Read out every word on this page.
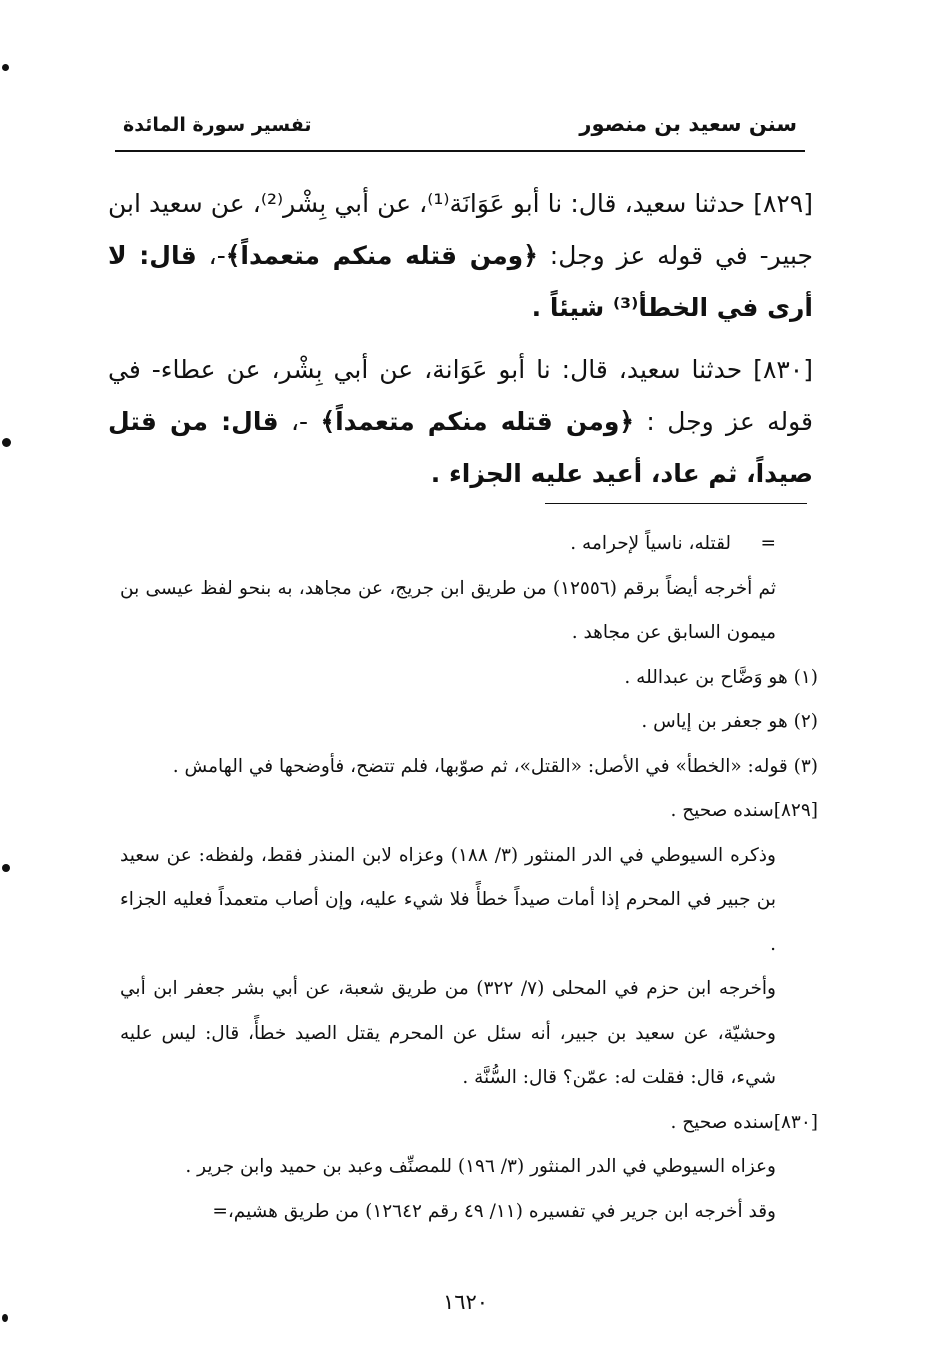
سنن سعيد بن منصور
تفسير سورة المائدة
[٨٢٩] حدثنا سعيد، قال: نا أبو عَوَانَة⁽¹⁾، عن أبي بِشْر⁽²⁾، عن سعيد ابن جبير- في قوله عز وجل: ﴿ومن قتله منكم متعمداً﴾-، قال: لا أرى في الخطأ⁽³⁾ شيئاً .
[٨٣٠] حدثنا سعيد، قال: نا أبو عَوَانة، عن أبي بِشْر، عن عطاء- في قوله عز وجل : ﴿ومن قتله منكم متعمداً﴾ -، قال: من قتل صيداً، ثم عاد، أعيد عليه الجزاء .

=     لقتله، ناسياً لإحرامه .

ثم أخرجه أيضاً برقم (١٢٥٥٦) من طريق ابن جريج، عن مجاهد، به بنحو لفظ عيسى بن ميمون السابق عن مجاهد .

(١) هو وَضَّاح بن عبدالله .

(٢) هو جعفر بن إياس .

(٣) قوله: «الخطأ» في الأصل: «القتل»، ثم صوّبها، فلم تتضح، فأوضحها في الهامش .

[٨٢٩]سنده صحيح .

وذكره السيوطي في الدر المنثور (٣/ ١٨٨) وعزاه لابن المنذر فقط، ولفظه: عن سعيد بن جبير في المحرم إذا أمات صيداً خطأً فلا شيء عليه، وإن أصاب متعمداً فعليه الجزاء .

وأخرجه ابن حزم في المحلى (٧/ ٣٢٢) من طريق شعبة، عن أبي بشر جعفر ابن أبي وحشيّة، عن سعيد بن جبير، أنه سئل عن المحرم يقتل الصيد خطأً، قال: ليس عليه شيء، قال: فقلت له: عمّن؟ قال: السُّنَّة .

[٨٣٠]سنده صحيح .

وعزاه السيوطي في الدر المنثور (٣/ ١٩٦) للمصنِّف وعبد بن حميد وابن جرير .

وقد أخرجه ابن جرير في تفسيره (١١/ ٤٩ رقم ١٢٦٤٢) من طريق هشيم،=

١٦٢٠
